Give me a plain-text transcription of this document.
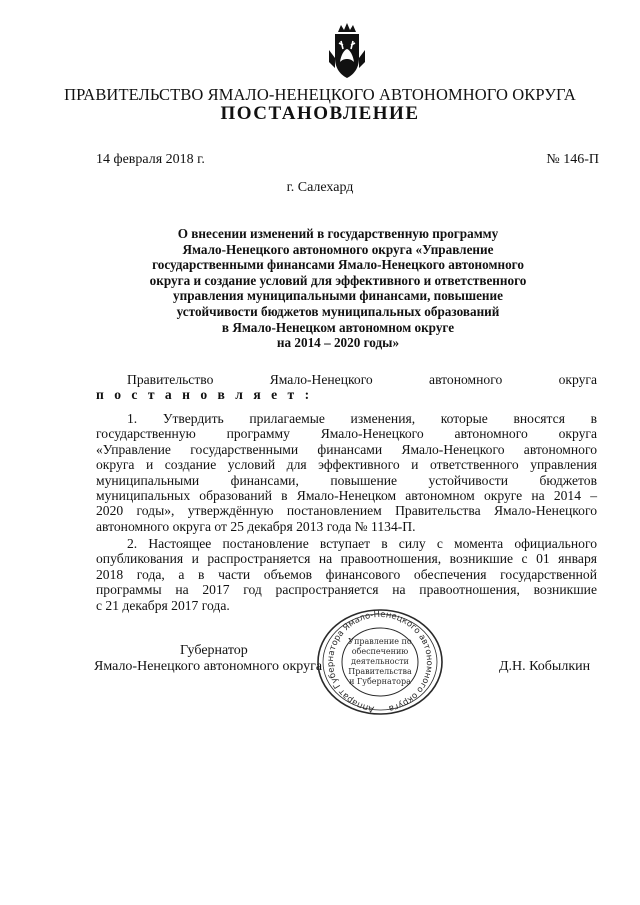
ПРАВИТЕЛЬСТВО ЯМАЛО-НЕНЕЦКОГО АВТОНОМНОГО ОКРУГА
ПОСТАНОВЛЕНИЕ
14 февраля 2018 г.	№ 146-П
г. Салехард
О внесении изменений в государственную программу
Ямало-Ненецкого автономного округа «Управление
государственными финансами Ямало-Ненецкого автономного
округа и создание условий для эффективного и ответственного
управления муниципальными финансами, повышение
устойчивости бюджетов муниципальных образований
в Ямало-Ненецком автономном округе
на 2014 – 2020 годы»
Правительство	Ямало-Ненецкого	автономного	округа
п о с т а н о в л я е т :
1. Утвердить прилагаемые изменения, которые вносятся в
государственную программу Ямало-Ненецкого автономного округа
«Управление государственными финансами Ямало-Ненецкого автономного
округа и создание условий для эффективного и ответственного управления
муниципальными финансами, повышение устойчивости бюджетов
муниципальных образований в Ямало-Ненецком автономном округе на 2014 –
2020 годы», утверждённую постановлением Правительства Ямало-Ненецкого
автономного округа от 25 декабря 2013 года № 1134-П.
2. Настоящее постановление вступает в силу с момента официального
опубликования и распространяется на правоотношения, возникшие с 01 января
2018 года, а в части объемов финансового обеспечения государственной
программы на 2017 год распространяется на правоотношения, возникшие
с 21 декабря 2017 года.
Губернатор
Ямало-Ненецкого автономного округа	Д.Н. Кобылкин
Аппарат Губернатора Ямало-Ненецкого автономного округа
Управление по
обеспечению
деятельности
Правительства
и Губернатора
